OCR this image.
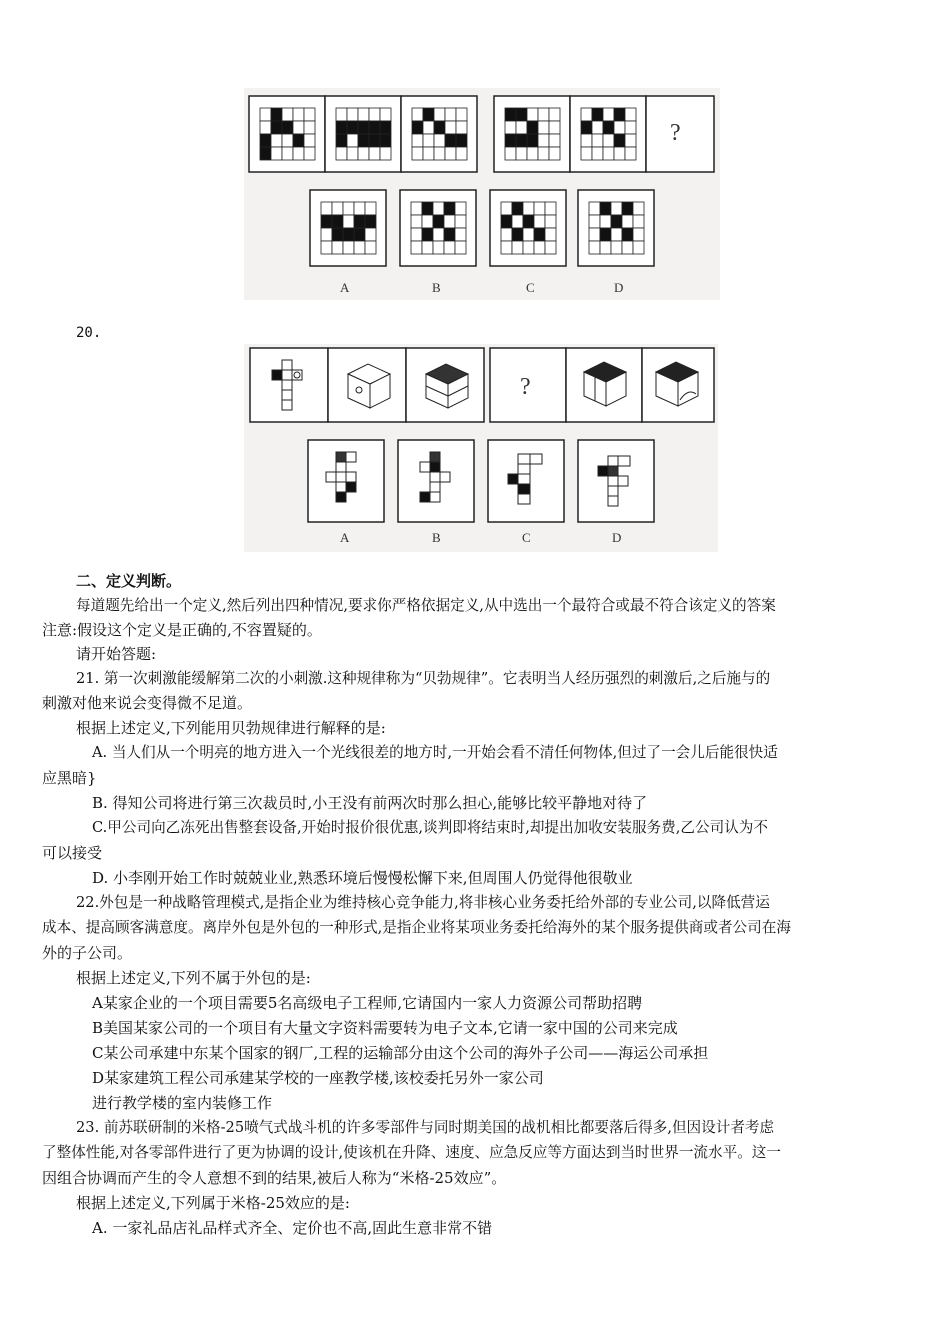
?
A	B	C	D
20.
?
A	B	C	D
二、定义判断。
每道题先给出一个定义,然后列出四种情况,要求你严格依据定义,从中选出一个最符合或最不符合该定义的答案
注意:假设这个定义是正确的,不容置疑的。
请开始答题:
21. 第一次刺激能缓解第二次的小刺激.这种规律称为“贝勃规律”。它表明当人经历强烈的刺激后,之后施与的
刺激对他来说会变得微不足道。
根据上述定义,下列能用贝勃规律进行解释的是:
A. 当人们从一个明亮的地方进入一个光线很差的地方时,一开始会看不清任何物体,但过了一会儿后能很快适
应黑暗}
B. 得知公司将进行第三次裁员时,小王没有前两次时那么担心,能够比较平静地对待了
C.甲公司向乙冻死出售整套设备,开始时报价很优惠,谈判即将结束时,却提出加收安装服务费,乙公司认为不
可以接受
D. 小李刚开始工作时兢兢业业,熟悉环境后慢慢松懈下来,但周围人仍觉得他很敬业
22.外包是一种战略管理模式,是指企业为维持核心竞争能力,将非核心业务委托给外部的专业公司,以降低营运
成本、提高顾客满意度。离岸外包是外包的一种形式,是指企业将某项业务委托给海外的某个服务提供商或者公司在海
外的子公司。
根据上述定义,下列不属于外包的是:
A某家企业的一个项目需要5名高级电子工程师,它请国内一家人力资源公司帮助招聘
B美国某家公司的一个项目有大量文字资料需要转为电子文本,它请一家中国的公司来完成
C某公司承建中东某个国家的钢厂,工程的运输部分由这个公司的海外子公司——海运公司承担
D某家建筑工程公司承建某学校的一座教学楼,该校委托另外一家公司
进行教学楼的室内装修工作
23. 前苏联研制的米格-25喷气式战斗机的许多零部件与同时期美国的战机相比都要落后得多,但因设计者考虑
了整体性能,对各零部件进行了更为协调的设计,使该机在升降、速度、应急反应等方面达到当时世界一流水平。这一
因组合协调而产生的令人意想不到的结果,被后人称为“米格-25效应”。
根据上述定义,下列属于米格-25效应的是:
A. 一家礼品店礼品样式齐全、定价也不高,固此生意非常不错
